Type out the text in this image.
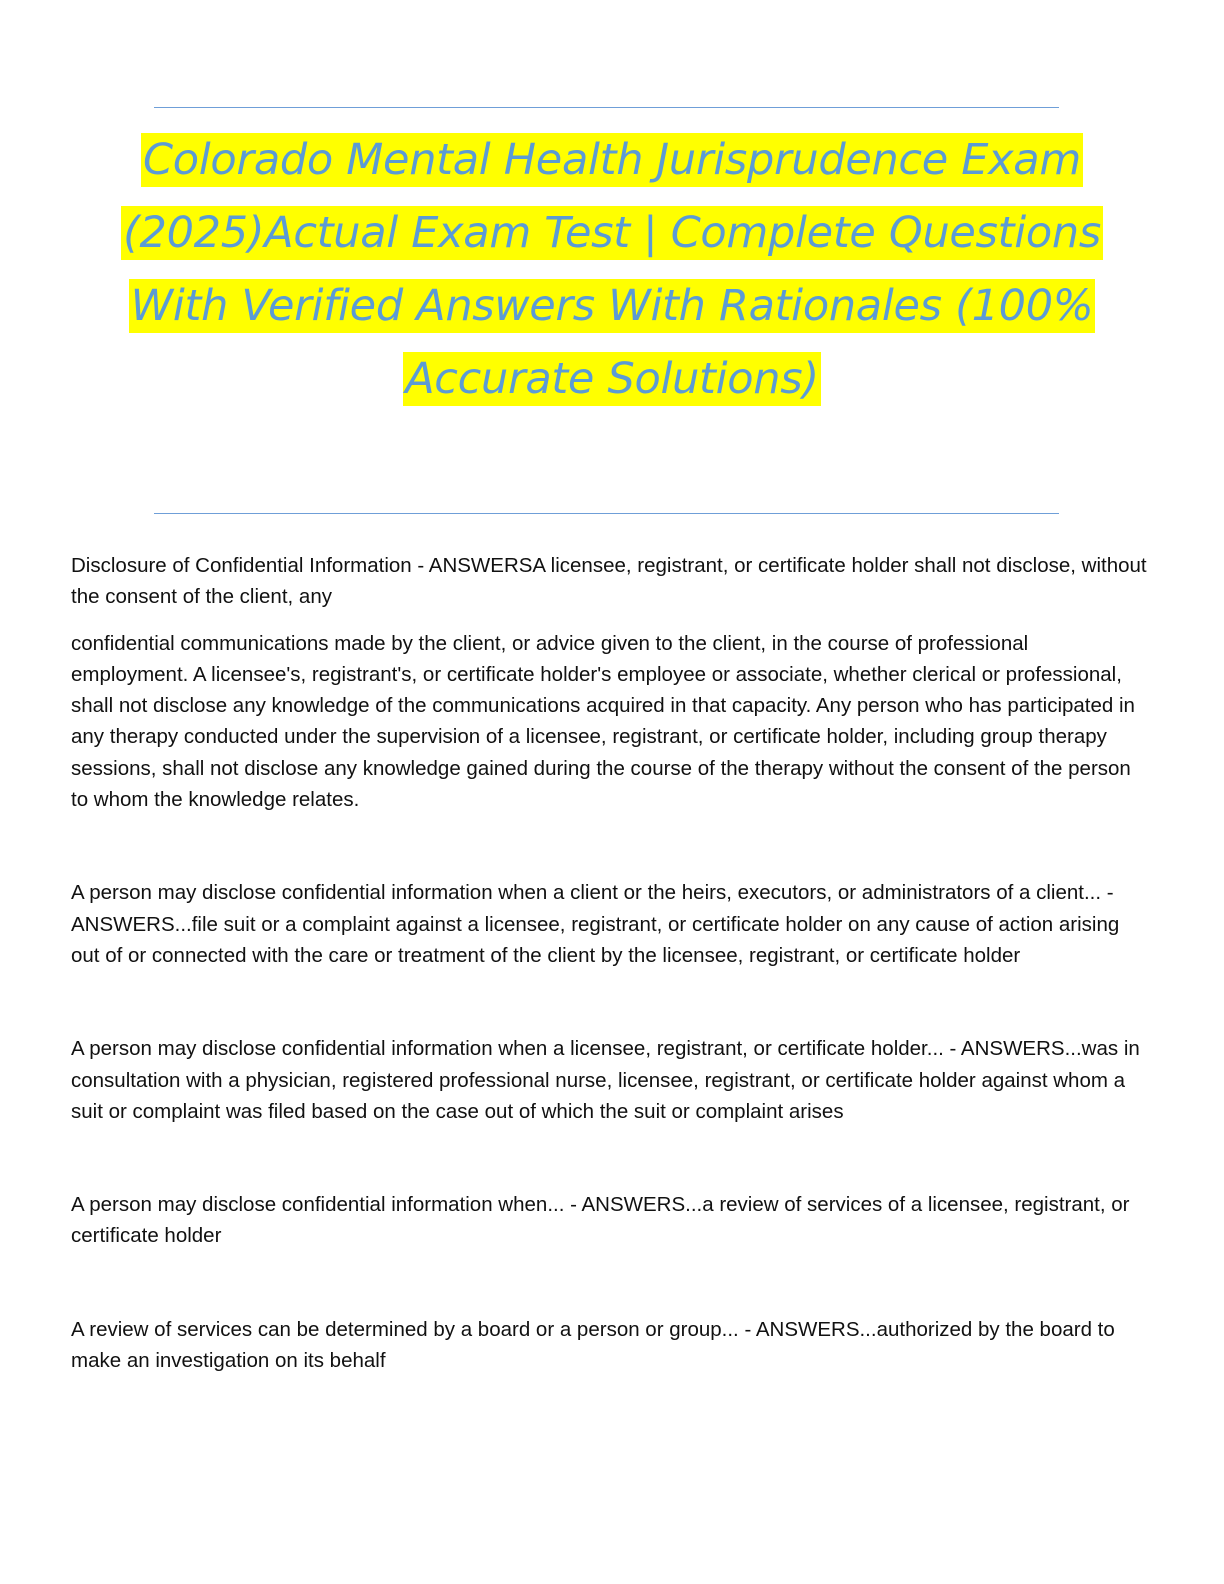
Colorado Mental Health Jurisprudence Exam (2025)Actual Exam Test | Complete Questions With Verified Answers With Rationales (100% Accurate Solutions)

Disclosure of Confidential Information - ANSWERSA licensee, registrant, or certificate holder shall not disclose, without the consent of the client, any

confidential communications made by the client, or advice given to the client, in the course of professional employment. A licensee's, registrant's, or certificate holder's employee or associate, whether clerical or professional, shall not disclose any knowledge of the communications acquired in that capacity. Any person who has participated in any therapy conducted under the supervision of a licensee, registrant, or certificate holder, including group therapy sessions, shall not disclose any knowledge gained during the course of the therapy without the consent of the person to whom the knowledge relates.

A person may disclose confidential information when a client or the heirs, executors, or administrators of a client... - ANSWERS...file suit or a complaint against a licensee, registrant, or certificate holder on any cause of action arising out of or connected with the care or treatment of the client by the licensee, registrant, or certificate holder

A person may disclose confidential information when a licensee, registrant, or certificate holder... - ANSWERS...was in consultation with a physician, registered professional nurse, licensee, registrant, or certificate holder against whom a suit or complaint was filed based on the case out of which the suit or complaint arises

A person may disclose confidential information when... - ANSWERS...a review of services of a licensee, registrant, or certificate holder

A review of services can be determined by a board or a person or group... - ANSWERS...authorized by the board to make an investigation on its behalf
